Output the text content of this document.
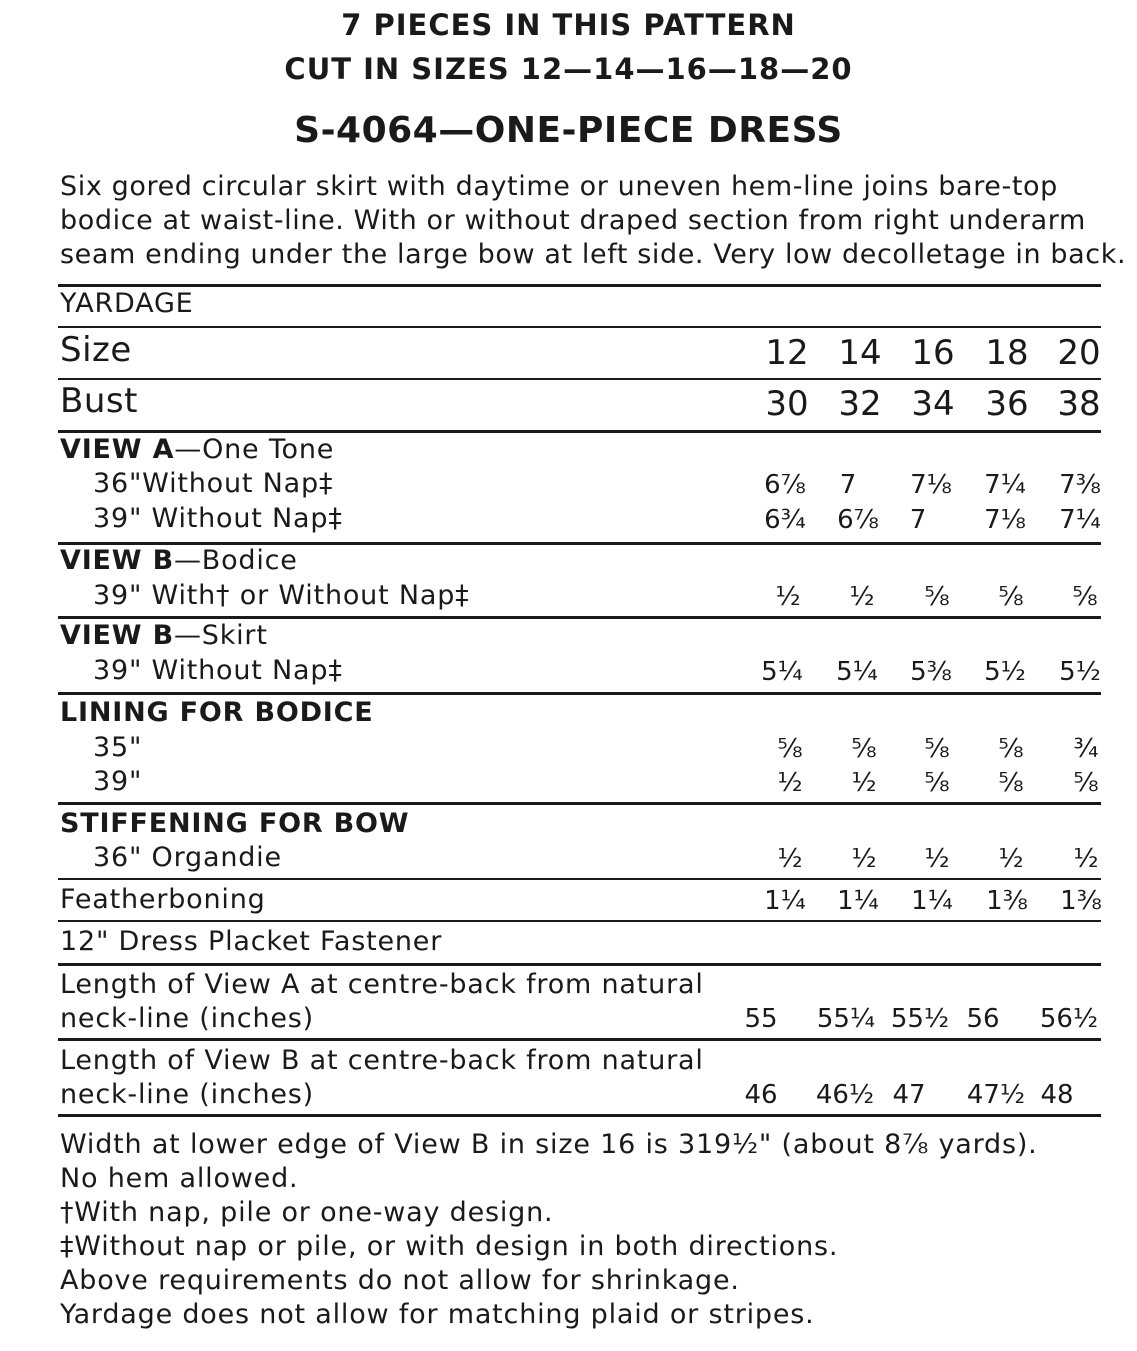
7 PIECES IN THIS PATTERN
CUT IN SIZES 12—14—16—18—20
S-4064—ONE-PIECE DRESS
Six gored circular skirt with daytime or uneven hem-line joins bare-top
bodice at waist-line. With or without draped section from right underarm
seam ending under the large bow at left side. Very low decolletage in back.
YARDAGE
Size	12 14 16 18 20
Bust	30 32 34 36 38
VIEW A—One Tone
36"Without Nap‡	6⅞ 7 7⅛ 7¼ 7⅜
39" Without Nap‡	6¾ 6⅞ 7 7⅛ 7¼
VIEW B—Bodice
39" With† or Without Nap‡	½ ½ ⅝ ⅝ ⅝
VIEW B—Skirt
39" Without Nap‡	5¼ 5¼ 5⅜ 5½ 5½
LINING FOR BODICE
35"	⅝ ⅝ ⅝ ⅝ ¾
39"	½ ½ ⅝ ⅝ ⅝
STIFFENING FOR BOW
36" Organdie	½ ½ ½ ½ ½
Featherboning	1¼ 1¼ 1¼ 1⅜ 1⅜
12" Dress Placket Fastener
Length of View A at centre-back from natural
neck-line (inches)	55 55¼ 55½ 56 56½
Length of View B at centre-back from natural
neck-line (inches)	46 46½ 47 47½ 48
Width at lower edge of View B in size 16 is 319½" (about 8⅞ yards).
No hem allowed.
†With nap, pile or one-way design.
‡Without nap or pile, or with design in both directions.
Above requirements do not allow for shrinkage.
Yardage does not allow for matching plaid or stripes.
